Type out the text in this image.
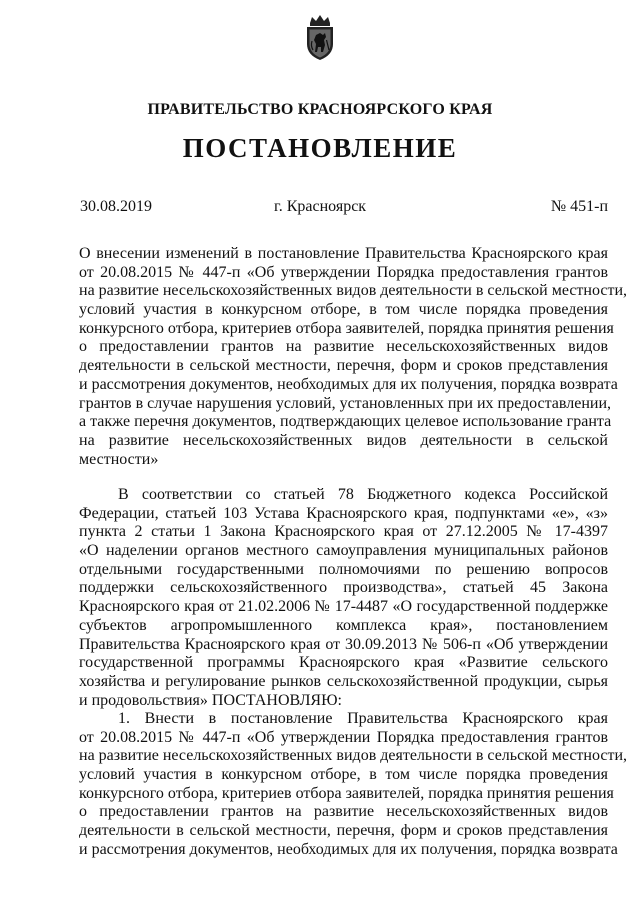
ПРАВИТЕЛЬСТВО КРАСНОЯРСКОГО КРАЯ
ПОСТАНОВЛЕНИЕ
30.08.2019	г. Красноярск	№ 451-п
О внесении изменений в постановление Правительства Красноярского края
от 20.08.2015 № 447-п «Об утверждении Порядка предоставления грантов
на развитие несельскохозяйственных видов деятельности в сельской местности,
условий участия в конкурсном отборе, в том числе порядка проведения
конкурсного отбора, критериев отбора заявителей, порядка принятия решения
о предоставлении грантов на развитие несельскохозяйственных видов
деятельности в сельской местности, перечня, форм и сроков представления
и рассмотрения документов, необходимых для их получения, порядка возврата
грантов в случае нарушения условий, установленных при их предоставлении,
а также перечня документов, подтверждающих целевое использование гранта
на развитие несельскохозяйственных видов деятельности в сельской
местности»
В соответствии со статьей 78 Бюджетного кодекса Российской
Федерации, статьей 103 Устава Красноярского края, подпунктами «е», «з»
пункта 2 статьи 1 Закона Красноярского края от 27.12.2005 № 17-4397
«О наделении органов местного самоуправления муниципальных районов
отдельными государственными полномочиями по решению вопросов
поддержки сельскохозяйственного производства», статьей 45 Закона
Красноярского края от 21.02.2006 № 17-4487 «О государственной поддержке
субъектов агропромышленного комплекса края», постановлением
Правительства Красноярского края от 30.09.2013 № 506-п «Об утверждении
государственной программы Красноярского края «Развитие сельского
хозяйства и регулирование рынков сельскохозяйственной продукции, сырья
и продовольствия» ПОСТАНОВЛЯЮ:
1. Внести в постановление Правительства Красноярского края
от 20.08.2015 № 447-п «Об утверждении Порядка предоставления грантов
на развитие несельскохозяйственных видов деятельности в сельской местности,
условий участия в конкурсном отборе, в том числе порядка проведения
конкурсного отбора, критериев отбора заявителей, порядка принятия решения
о предоставлении грантов на развитие несельскохозяйственных видов
деятельности в сельской местности, перечня, форм и сроков представления
и рассмотрения документов, необходимых для их получения, порядка возврата
